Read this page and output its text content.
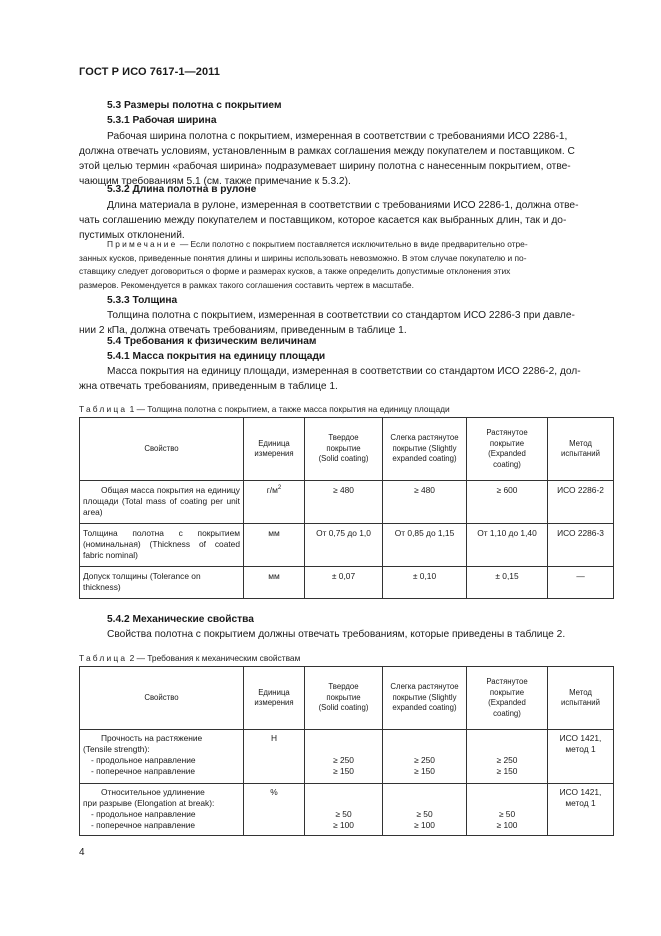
ГОСТ Р ИСО 7617-1—2011
5.3 Размеры полотна с покрытием
5.3.1 Рабочая ширина
Рабочая ширина полотна с покрытием, измеренная в соответствии с требованиями ИСО 2286-1,
должна отвечать условиям, установленным в рамках соглашения между покупателем и поставщиком. С
этой целью термин «рабочая ширина» подразумевает ширину полотна с нанесенным покрытием, отве-
чающим требованиям 5.1 (см. также примечание к 5.3.2).
5.3.2 Длина полотна в рулоне
Длина материала в рулоне, измеренная в соответствии с требованиями ИСО 2286-1, должна отве-
чать соглашению между покупателем и поставщиком, которое касается как выбранных длин, так и до-
пустимых отклонений.
Примечание — Если полотно с покрытием поставляется исключительно в виде предварительно отре-
занных кусков, приведенные понятия длины и ширины использовать невозможно. В этом случае покупателю и по-
ставщику следует договориться о форме и размерах кусков, а также определить допустимые отклонения этих
размеров. Рекомендуется в рамках такого соглашения составить чертеж в масштабе.
5.3.3 Толщина
Толщина полотна с покрытием, измеренная в соответствии со стандартом ИСО 2286-3 при давле-
нии 2 кПа, должна отвечать требованиям, приведенным в таблице 1.
5.4 Требования к физическим величинам
5.4.1 Масса покрытия на единицу площади
Масса покрытия на единицу площади, измеренная в соответствии со стандартом ИСО 2286-2, дол-
жна отвечать требованиям, приведенным в таблице 1.
Таблица 1 — Толщина полотна с покрытием, а также масса покрытия на единицу площади
Свойство	Единица
измерения	Твердое
покрытие
(Solid coating)	Слегка растянутое
покрытие (Slightly
expanded coating)	Растянутое
покрытие
(Expanded
coating)	Метод
испытаний
Общая масса покрытия на единицу площади (Total mass of coating per unit area)	$г/м^2$	≥ 480	≥ 480	≥ 600	ИСО 2286-2
Толщина полотна с покрытием (номинальная) (Thickness of coated fabric nominal)	мм	От 0,75 до 1,0	От 0,85 до 1,15	От 1,10 до 1,40	ИСО 2286-3
Допуск толщины (Tolerance on thickness)	мм	± 0,07	± 0,10	± 0,15	—
5.4.2 Механические свойства
Свойства полотна с покрытием должны отвечать требованиям, которые приведены в таблице 2.
Таблица 2 — Требования к механическим свойствам
Свойство	Единица
измерения	Твердое
покрытие
(Solid coating)	Слегка растянутое
покрытие (Slightly
expanded coating)	Растянутое
покрытие
(Expanded
coating)	Метод
испытаний

Прочность на растяжение
(Tensile strength):
- продольное направление
- поперечное направление	Н	≥ 250
≥ 150	≥ 250
≥ 150	≥ 250
≥ 150	ИСО 1421,
метод 1

Относительное удлинение
при разрыве (Elongation at break):
- продольное направление
- поперечное направление	%	≥ 50
≥ 100	≥ 50
≥ 100	≥ 50
≥ 100	ИСО 1421,
метод 1
4
